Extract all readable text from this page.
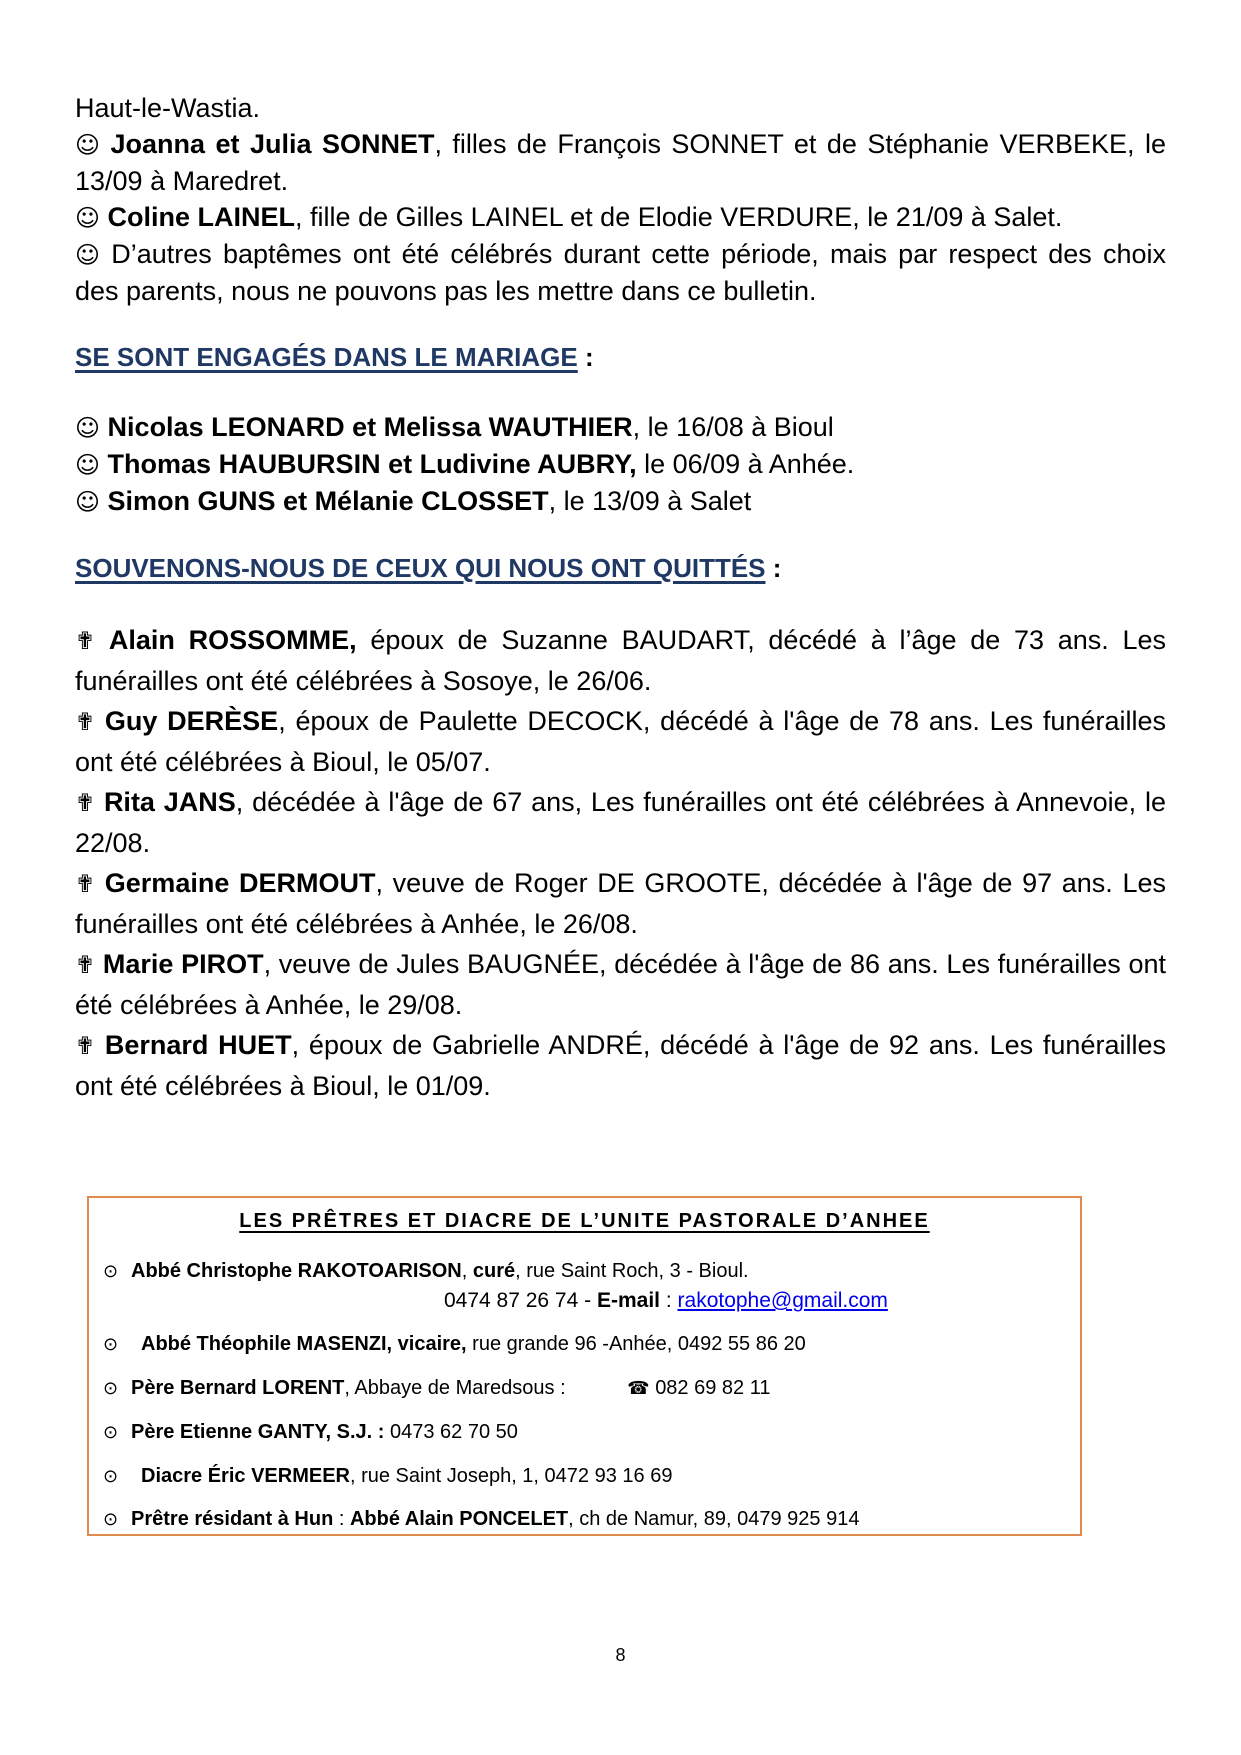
Haut-le-Wastia.

☺ Joanna et Julia SONNET, filles de François SONNET et de Stéphanie VERBEKE, le 13/09 à Maredret.

☺ Coline LAINEL, fille de Gilles LAINEL et de Elodie VERDURE, le 21/09 à Salet.

☺ D’autres baptêmes ont été célébrés durant cette période, mais par respect des choix des parents, nous ne pouvons pas les mettre dans ce bulletin.

SE SONT ENGAGÉS DANS LE MARIAGE :

☺ Nicolas LEONARD et Melissa WAUTHIER, le 16/08 à Bioul

☺ Thomas HAUBURSIN et Ludivine AUBRY, le 06/09 à Anhée.

☺ Simon GUNS et Mélanie CLOSSET, le 13/09 à Salet

SOUVENONS-NOUS DE CEUX QUI NOUS ONT QUITTÉS :

✟ Alain ROSSOMME, époux de Suzanne BAUDART, décédé à l’âge de 73 ans. Les funérailles ont été célébrées à Sosoye, le 26/06.

✟ Guy DERÈSE, époux de Paulette DECOCK, décédé à l'âge de 78 ans. Les funérailles ont été célébrées à Bioul, le 05/07.

✟ Rita JANS, décédée à l'âge de 67 ans, Les funérailles ont été célébrées à Annevoie, le 22/08.

✟ Germaine DERMOUT, veuve de Roger DE GROOTE, décédée à l'âge de 97 ans. Les funérailles ont été célébrées à Anhée, le 26/08.

✟ Marie PIROT, veuve de Jules BAUGNÉE, décédée à l'âge de 86 ans. Les funérailles ont été célébrées à Anhée, le 29/08.

✟ Bernard HUET, époux de Gabrielle ANDRÉ, décédé à l'âge de 92 ans. Les funérailles ont été célébrées à Bioul, le 01/09.

LES PRÊTRES ET DIACRE DE L’UNITE PASTORALE D’ANHEE
⊙ Abbé Christophe RAKOTOARISON, curé, rue Saint Roch, 3 - Bioul.
0474 87 26 74 - E-mail : rakotophe@gmail.com
⊙ Abbé Théophile MASENZI, vicaire, rue grande 96 -Anhée, 0492 55 86 20
⊙ Père Bernard LORENT, Abbaye de Maredsous :	☎ 082 69 82 11
⊙ Père Etienne GANTY, S.J. : 0473 62 70 50
⊙ Diacre Éric VERMEER, rue Saint Joseph, 1, 0472 93 16 69
⊙ Prêtre résidant à Hun : Abbé Alain PONCELET, ch de Namur, 89, 0479 925 914
8
